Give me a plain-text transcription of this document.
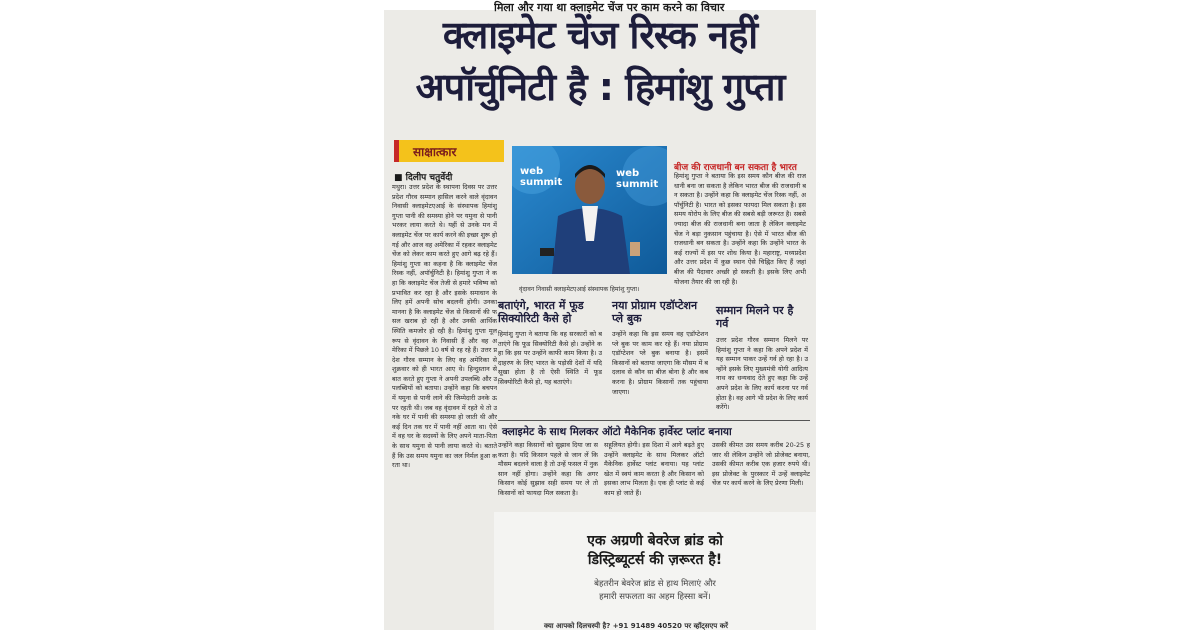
मिला और गया था क्लाइमेट चेंज पर काम करने का विचार
क्लाइमेट चेंज रिस्क नहीं
अपॉर्चुनिटी है : हिमांशु गुप्ता
साक्षात्कार
■ दिलीप चतुर्वेदी
मथुरा। उत्तर प्रदेश के स्थापना दिवस पर उत्तर प्रदेश गौरव सम्मान हासिल करने वाले वृंदावन निवासी क्लाइमेटएआई के संस्थापक हिमांशु गुप्ता पानी की समस्या होने पर यमुना से पानी भरकर लाया करते थे। यहीं से उनके मन में क्लाइमेट चेंज पर कार्य करने की इच्छा शुरू हो गई और आज वह अमेरिका में रहकर क्लाइमेट चेंज को लेकर काम करते हुए आगे बढ़ रहे हैं। हिमांशु गुप्ता का कहना है कि क्लाइमेट चेंज रिस्क नहीं, अपॉर्चुनिटी है। हिमांशु गुप्ता ने कहा कि क्लाइमेट चेंज तेजी से हमारे भविष्य को प्रभावित कर रहा है और इसके समाधान के लिए हमें अपनी सोच बदलनी होगी। उनका मानना है कि क्लाइमेट चेंज से किसानों की फसल खराब हो रही है और उनकी आर्थिक स्थिति कमजोर हो रही है। हिमांशु गुप्ता मूल रूप से वृंदावन के निवासी हैं और वह अमेरिका में पिछले 10 वर्ष से रह रहे हैं। उत्तर प्रदेश गौरव सम्मान के लिए वह अमेरिका से शुक्रवार को ही भारत आए थे। हिन्दुस्तान से बात करते हुए गुप्ता ने अपनी उपलब्धि और उपलब्धियों को बताया। उन्होंने कहा कि बचपन में यमुना से पानी लाने की जिम्मेदारी उनके ऊपर रहती थी। जब वह वृंदावन में रहते थे तो उनके घर में पानी की समस्या हो जाती थी और कई दिन तक घर में पानी नहीं आता था। ऐसे में वह घर के सदस्यों के लिए अपने माता-पिता के साथ यमुना से पानी लाया करते थे। बताते हैं कि उस समय यमुना का जल निर्मल हुआ करता था।
web
summit
web
summit
वृंदावन निवासी क्लाइमेटएआई संस्थापक हिमांशु गुप्ता।
बीज की राजधानी बन सकता है भारत
हिमांशु गुप्ता ने बताया कि इस समय कौन बीज की राजधानी बना जा सकता है लेकिन भारत बीज की राजधानी बन सकता है। उन्होंने कहा कि क्लाइमेट चेंज रिस्क नहीं, अपॉर्चुनिटी है। भारत को इसका फायदा मिल सकता है। इस समय योरोप के लिए बीज की सबसे बड़ी जरूरत है। सबसे ज्यादा बीज की राजधानी बना जाता है लेकिन क्लाइमेट चेंज ने बड़ा नुकसान पहुंचाया है। ऐसे में भारत बीज की राजधानी बन सकता है। उन्होंने कहा कि उन्होंने भारत के कई राज्यों में इस पर शोध किया है। महाराष्ट्र, मध्यप्रदेश और उत्तर प्रदेश में कुछ स्थान ऐसे चिह्नित किए हैं जहां बीज की पैदावार अच्छी हो सकती है। इसके लिए अभी योजना तैयार की जा रही है।
बताएंगे, भारत में फूड सिक्योरिटी कैसे हो
हिमांशु गुप्ता ने बताया कि वह सरकारों को बताएंगे कि फूड सिक्योरिटी कैसे हो। उन्होंने कहा कि इस पर उन्होंने काफी काम किया है। उदाहरण के लिए भारत के पड़ोसी देशों में यदि सूखा होता है तो ऐसी स्थिति में फूड सिक्योरिटी कैसे हो, यह बताएंगे।
नया प्रोग्राम एडॉप्टेशन प्ले बुक
उन्होंने कहा कि इस समय वह एडॉप्टेशन प्ले बुक पर काम कर रहे हैं। नया प्रोग्राम एडॉप्टेशन प्ले बुक बनाया है। इसमें किसानों को बताया जाएगा कि मौसम में बदलाव से कौन सा बीज बोना है और कब करना है। प्रोग्राम किसानों तक पहुंचाया जाएगा।
सम्मान मिलने पर है गर्व
उत्तर प्रदेश गौरव सम्मान मिलने पर हिमांशु गुप्ता ने कहा कि अपने प्रदेश में यह सम्मान पाकर उन्हें गर्व हो रहा है। उन्होंने इसके लिए मुख्यमंत्री योगी आदित्यनाथ का धन्यवाद देते हुए कहा कि उन्हें अपने प्रदेश के लिए कार्य करना पर गर्व होता है। वह आगे भी प्रदेश के लिए कार्य करेंगे।
क्लाइमेट के साथ मिलकर ऑटो मैकेनिक हार्वेस्ट प्लांट बनाया
उन्होंने कहा किसानों को सुझाव दिया जा सकता है। यदि किसान पहले से जान लें कि मौसम बदलने वाला है तो उन्हें फसल में नुकसान नहीं होगा। उन्होंने कहा कि अगर किसान कोई सुझाव सही समय पर ले तो किसानों को फायदा मिल सकता है।
सहूलियत होगी। इस दिशा में आगे बढ़ते हुए उन्होंने क्लाइमेट के साथ मिलकर ऑटो मैकेनिक हार्वेस्ट प्लांट बनाया। यह प्लांट खेत में स्वयं काम करता है और किसान को इसका लाभ मिलता है। एक ही प्लांट से कई काम हो जाते हैं।
उसकी कीमत उस समय करीब 20-25 हजार थी लेकिन उन्होंने जो प्रोजेक्ट बनाया, उसकी कीमत करीब एक हजार रुपये थी। इस प्रोजेक्ट के पुरस्कार में उन्हें क्लाइमेट चेंज पर कार्य करने के लिए प्रेरणा मिली।
एक अग्रणी बेवरेज ब्रांड को
डिस्ट्रिब्यूटर्स की ज़रूरत है!
बेहतरीन बेवरेज ब्रांड से हाथ मिलाएं और
हमारी सफलता का अहम हिस्सा बनें।
क्या आपको दिलचस्पी है? +91 91489 40520 पर व्हॉट्सएप करें
